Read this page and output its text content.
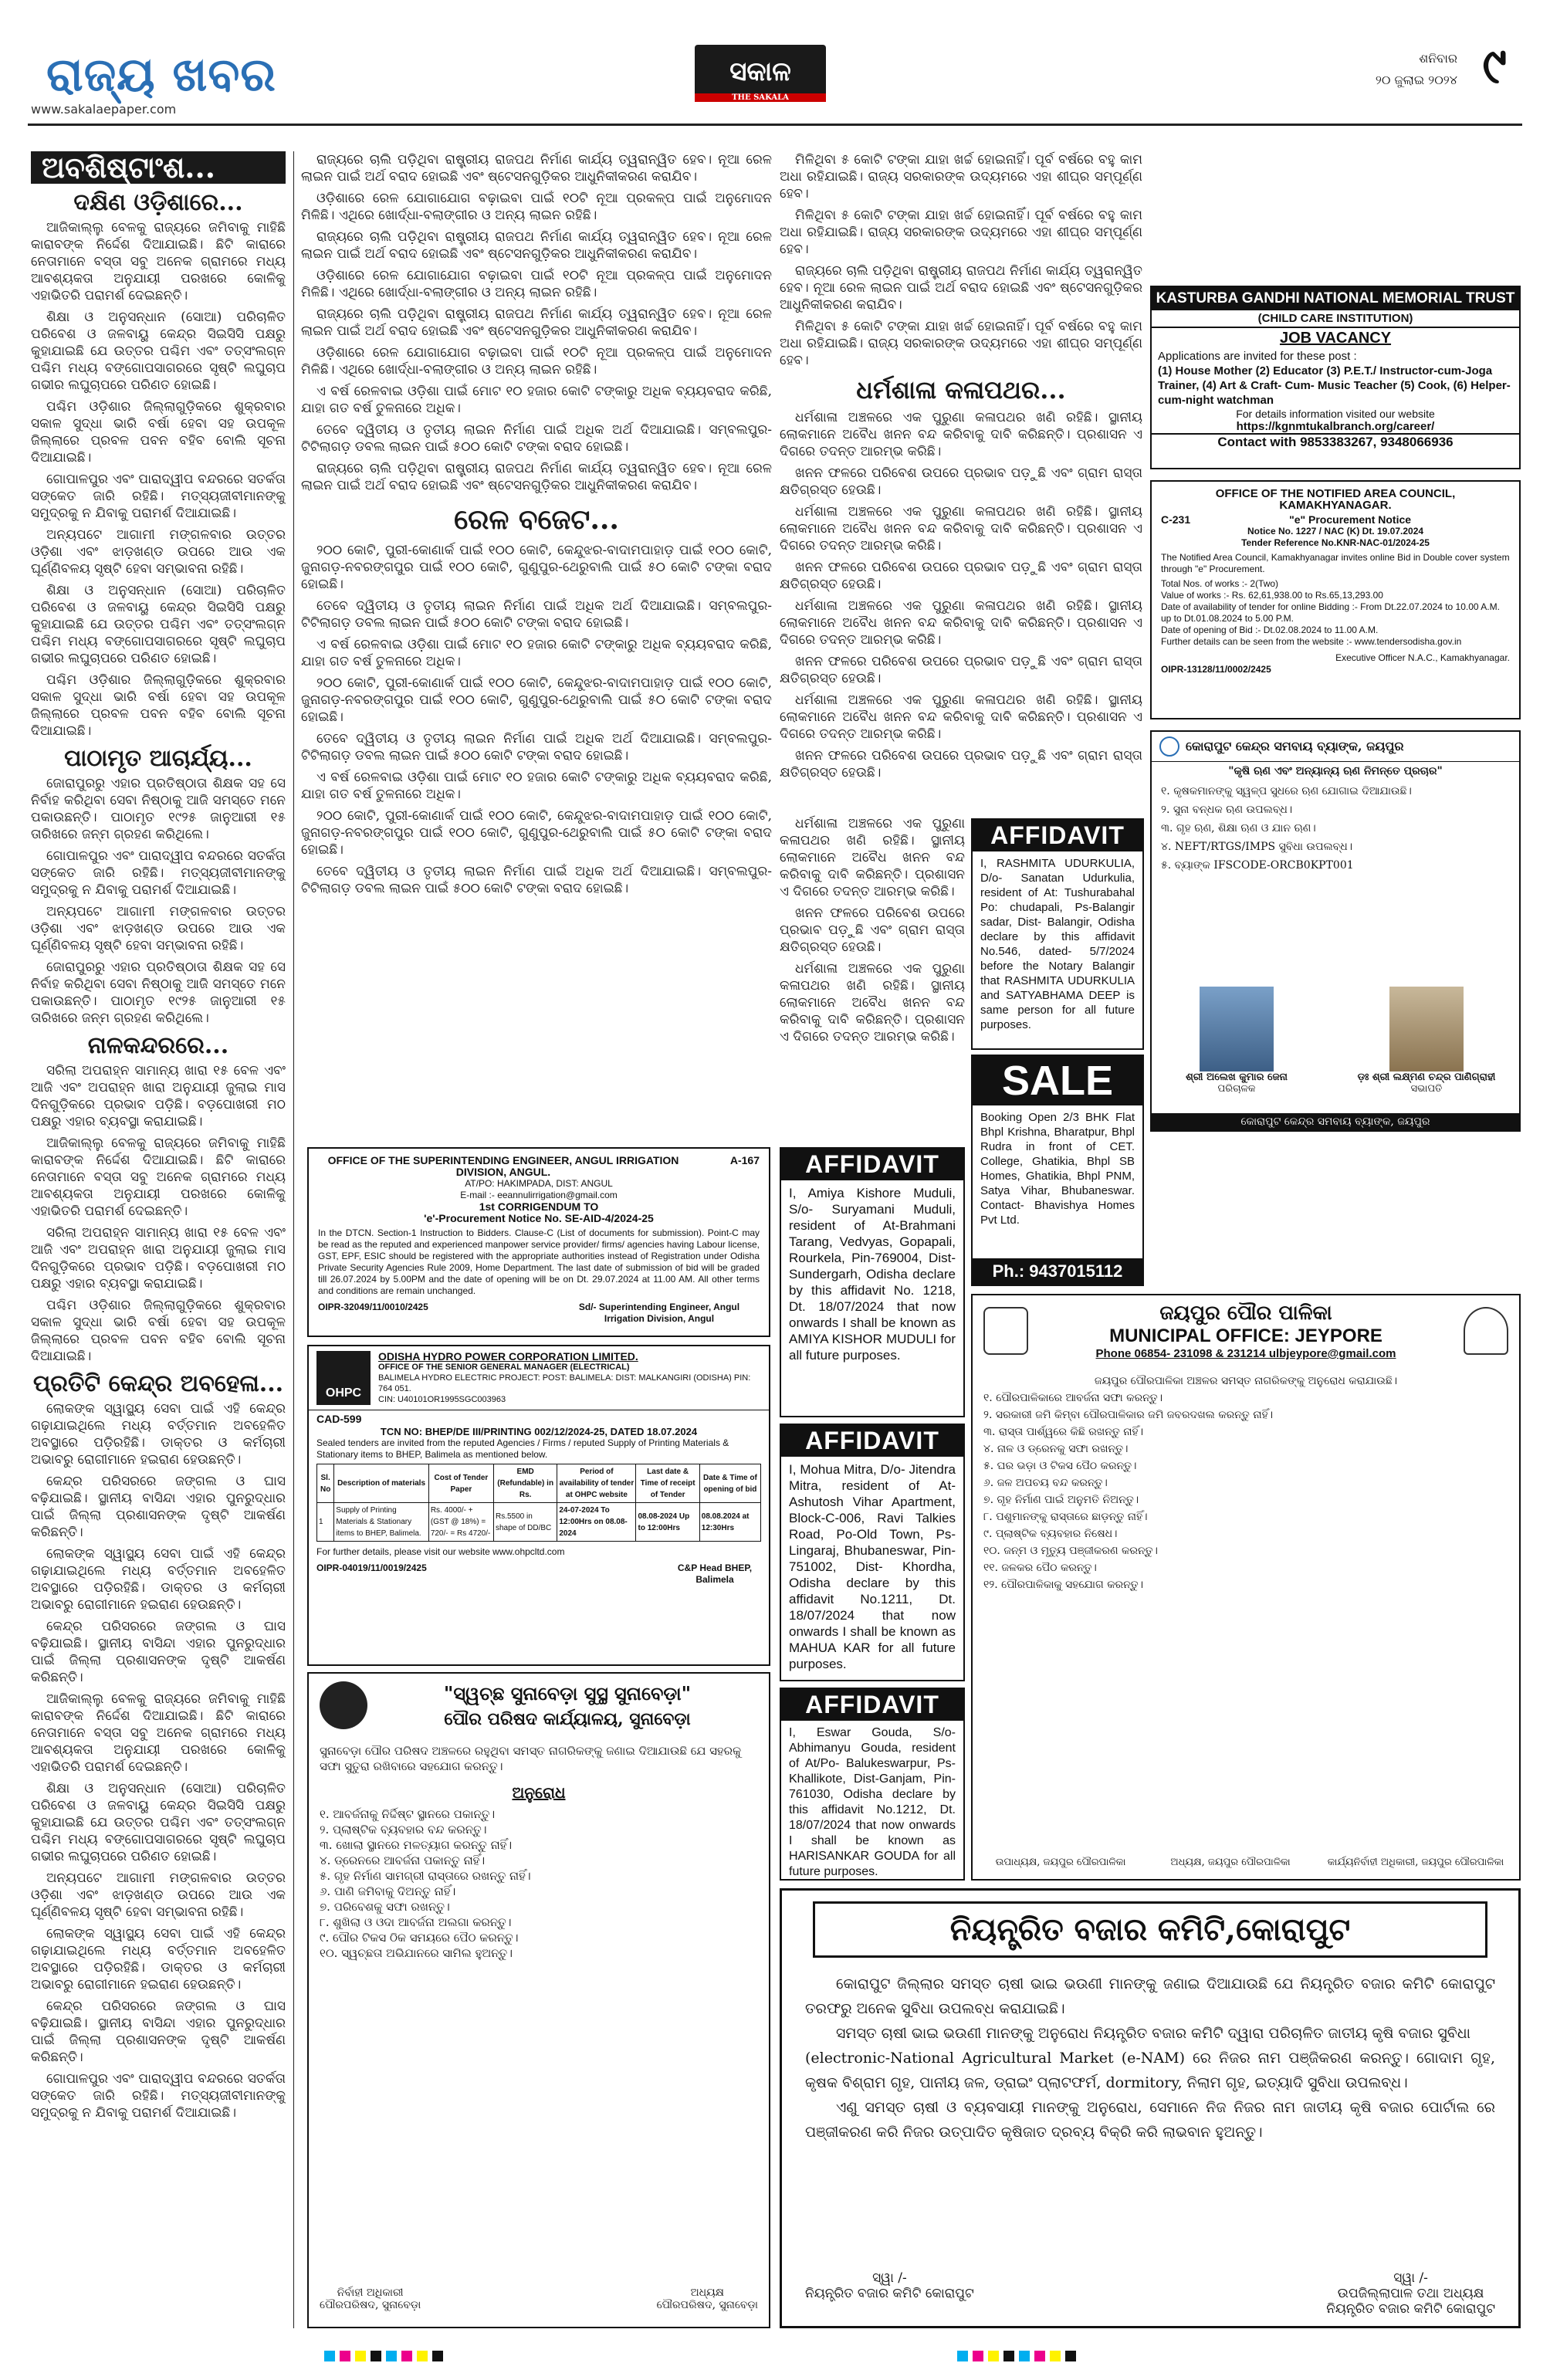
ରାଜ୍ୟ ଖବର
www.sakalaepaper.com
ସକାଳ
THE SAKALA
ଶନିବାର
୨୦ ଜୁଲାଇ ୨୦୨୪ ୯
ଅବଶିଷ୍ଟାଂଶ...
ଦକ୍ଷିଣ ଓଡ଼ିଶାରେ...

ଆଜିକାଲ୍ଲୁ ବେଳକୁ ରାଜ୍ୟରେ ଜମିବାକୁ ମାହିଛି କାରାବଙ୍କ ନିର୍ଦ୍ଦେଶ ଦିଆଯାଇଛି। ଛିଟି କାରାରେ ନେତାମାନେ ବସ୍ତା ସବୁ ଅନେକ ଗ୍ରାମରେ ମଧ୍ୟ ଆବଶ୍ୟକତା ଅନୁଯାୟୀ ପରଖରେ କୋଳିକୁ ଏହାଭିତରି ପରାମର୍ଶ ଦେଇଛନ୍ତି।

ଶିକ୍ଷା ଓ ଅନୁସନ୍ଧାନ (ସୋଆ) ପରିଚାଳିତ ପରିବେଶ ଓ ଜଳବାୟୁ କେନ୍ଦ୍ର ସିଇସିସି ପକ୍ଷରୁ କୁହାଯାଇଛି ଯେ ଉତ୍ତର ପଶ୍ଚିମ ଏବଂ ତତ୍ସଂଲଗ୍ନ ପଶ୍ଚିମ ମଧ୍ୟ ବଙ୍ଗୋପସାଗରରେ ସୃଷ୍ଟି ଲଘୁଚାପ ଗଭୀର ଲଘୁଚାପରେ ପରିଣତ ହୋଇଛି।

ପଶ୍ଚିମ ଓଡ଼ିଶାର ଜିଲ୍ଲାଗୁଡ଼ିକରେ ଶୁକ୍ରବାର ସକାଳ ସୁଦ୍ଧା ଭାରି ବର୍ଷା ହେବା ସହ ଉପକୂଳ ଜିଲ୍ଲାରେ ପ୍ରବଳ ପବନ ବହିବ ବୋଲି ସୂଚନା ଦିଆଯାଇଛି।

ଗୋପାଳପୁର ଏବଂ ପାରାଦ୍ୱୀପ ବନ୍ଦରରେ ସତର୍କତା ସଙ୍କେତ ଜାରି ରହିଛି। ମତ୍ସ୍ୟଜୀବୀମାନଙ୍କୁ ସମୁଦ୍ରକୁ ନ ଯିବାକୁ ପରାମର୍ଶ ଦିଆଯାଇଛି।

ଅନ୍ୟପଟେ ଆଗାମୀ ମଙ୍ଗଳବାର ଉତ୍ତର ଓଡ଼ିଶା ଏବଂ ଝାଡ଼ଖଣ୍ଡ ଉପରେ ଆଉ ଏକ ଘୂର୍ଣ୍ଣିବଳୟ ସୃଷ୍ଟି ହେବା ସମ୍ଭାବନା ରହିଛି।

ଶିକ୍ଷା ଓ ଅନୁସନ୍ଧାନ (ସୋଆ) ପରିଚାଳିତ ପରିବେଶ ଓ ଜଳବାୟୁ କେନ୍ଦ୍ର ସିଇସିସି ପକ୍ଷରୁ କୁହାଯାଇଛି ଯେ ଉତ୍ତର ପଶ୍ଚିମ ଏବଂ ତତ୍ସଂଲଗ୍ନ ପଶ୍ଚିମ ମଧ୍ୟ ବଙ୍ଗୋପସାଗରରେ ସୃଷ୍ଟି ଲଘୁଚାପ ଗଭୀର ଲଘୁଚାପରେ ପରିଣତ ହୋଇଛି।

ପଶ୍ଚିମ ଓଡ଼ିଶାର ଜିଲ୍ଲାଗୁଡ଼ିକରେ ଶୁକ୍ରବାର ସକାଳ ସୁଦ୍ଧା ଭାରି ବର୍ଷା ହେବା ସହ ଉପକୂଳ ଜିଲ୍ଲାରେ ପ୍ରବଳ ପବନ ବହିବ ବୋଲି ସୂଚନା ଦିଆଯାଇଛି।

ପାଠାମୃତ ଆଚାର୍ଯ୍ୟ...

ଜୋରାପୁରରୁ ଏହାର ପ୍ରତିଷ୍ଠାତା ଶିକ୍ଷକ ସହ ସେ ନିର୍ବାହ କରିଥିବା ସେବା ନିଷ୍ଠାକୁ ଆଜି ସମସ୍ତେ ମନେ ପକାଉଛନ୍ତି। ପାଠାମୃତ ୧୯୨୫ ଜାନୁଆରୀ ୧୫ ତାରିଖରେ ଜନ୍ମ ଗ୍ରହଣ କରିଥିଲେ।

ଗୋପାଳପୁର ଏବଂ ପାରାଦ୍ୱୀପ ବନ୍ଦରରେ ସତର୍କତା ସଙ୍କେତ ଜାରି ରହିଛି। ମତ୍ସ୍ୟଜୀବୀମାନଙ୍କୁ ସମୁଦ୍ରକୁ ନ ଯିବାକୁ ପରାମର୍ଶ ଦିଆଯାଇଛି।

ଅନ୍ୟପଟେ ଆଗାମୀ ମଙ୍ଗଳବାର ଉତ୍ତର ଓଡ଼ିଶା ଏବଂ ଝାଡ଼ଖଣ୍ଡ ଉପରେ ଆଉ ଏକ ଘୂର୍ଣ୍ଣିବଳୟ ସୃଷ୍ଟି ହେବା ସମ୍ଭାବନା ରହିଛି।

ଜୋରାପୁରରୁ ଏହାର ପ୍ରତିଷ୍ଠାତା ଶିକ୍ଷକ ସହ ସେ ନିର୍ବାହ କରିଥିବା ସେବା ନିଷ୍ଠାକୁ ଆଜି ସମସ୍ତେ ମନେ ପକାଉଛନ୍ତି। ପାଠାମୃତ ୧୯୨୫ ଜାନୁଆରୀ ୧୫ ତାରିଖରେ ଜନ୍ମ ଗ୍ରହଣ କରିଥିଲେ।

ନାଳକନ୍ଦରରେ...

ସରିଲା ଅପରାହ୍ନ ସାମାନ୍ୟ ଖାରା ୧୫ ବେଳ ଏବଂ ଆଜି ଏବଂ ଅପରାହ୍ନ ଖାରା ଅନୁଯାୟୀ ଜୁଲାଇ ମାସ ଦିନଗୁଡ଼ିକରେ ପ୍ରଭାବ ପଡ଼ିଛି। ବଡ଼ପୋଖରୀ ମଠ ପକ୍ଷରୁ ଏହାର ବ୍ୟବସ୍ଥା କରାଯାଇଛି।

ଆଜିକାଲ୍ଲୁ ବେଳକୁ ରାଜ୍ୟରେ ଜମିବାକୁ ମାହିଛି କାରାବଙ୍କ ନିର୍ଦ୍ଦେଶ ଦିଆଯାଇଛି। ଛିଟି କାରାରେ ନେତାମାନେ ବସ୍ତା ସବୁ ଅନେକ ଗ୍ରାମରେ ମଧ୍ୟ ଆବଶ୍ୟକତା ଅନୁଯାୟୀ ପରଖରେ କୋଳିକୁ ଏହାଭିତରି ପରାମର୍ଶ ଦେଇଛନ୍ତି।

ସରିଲା ଅପରାହ୍ନ ସାମାନ୍ୟ ଖାରା ୧୫ ବେଳ ଏବଂ ଆଜି ଏବଂ ଅପରାହ୍ନ ଖାରା ଅନୁଯାୟୀ ଜୁଲାଇ ମାସ ଦିନଗୁଡ଼ିକରେ ପ୍ରଭାବ ପଡ଼ିଛି। ବଡ଼ପୋଖରୀ ମଠ ପକ୍ଷରୁ ଏହାର ବ୍ୟବସ୍ଥା କରାଯାଇଛି।

ପଶ୍ଚିମ ଓଡ଼ିଶାର ଜିଲ୍ଲାଗୁଡ଼ିକରେ ଶୁକ୍ରବାର ସକାଳ ସୁଦ୍ଧା ଭାରି ବର୍ଷା ହେବା ସହ ଉପକୂଳ ଜିଲ୍ଲାରେ ପ୍ରବଳ ପବନ ବହିବ ବୋଲି ସୂଚନା ଦିଆଯାଇଛି।

ପ୍ରତିଟି କେନ୍ଦ୍ର ଅବହେଳା...

ଲୋକଙ୍କ ସ୍ୱାସ୍ଥ୍ୟ ସେବା ପାଇଁ ଏହି କେନ୍ଦ୍ର ଗଢ଼ାଯାଇଥିଲେ ମଧ୍ୟ ବର୍ତ୍ତମାନ ଅବହେଳିତ ଅବସ୍ଥାରେ ପଡ଼ିରହିଛି। ଡାକ୍ତର ଓ କର୍ମଚାରୀ ଅଭାବରୁ ରୋଗୀମାନେ ହଇରାଣ ହେଉଛନ୍ତି।

କେନ୍ଦ୍ର ପରିସରରେ ଜଙ୍ଗଲ ଓ ଘାସ ବଢ଼ିଯାଇଛି। ସ୍ଥାନୀୟ ବାସିନ୍ଦା ଏହାର ପୁନରୁଦ୍ଧାର ପାଇଁ ଜିଲ୍ଲା ପ୍ରଶାସନଙ୍କ ଦୃଷ୍ଟି ଆକର୍ଷଣ କରିଛନ୍ତି।

ଲୋକଙ୍କ ସ୍ୱାସ୍ଥ୍ୟ ସେବା ପାଇଁ ଏହି କେନ୍ଦ୍ର ଗଢ଼ାଯାଇଥିଲେ ମଧ୍ୟ ବର୍ତ୍ତମାନ ଅବହେଳିତ ଅବସ୍ଥାରେ ପଡ଼ିରହିଛି। ଡାକ୍ତର ଓ କର୍ମଚାରୀ ଅଭାବରୁ ରୋଗୀମାନେ ହଇରାଣ ହେଉଛନ୍ତି।

କେନ୍ଦ୍ର ପରିସରରେ ଜଙ୍ଗଲ ଓ ଘାସ ବଢ଼ିଯାଇଛି। ସ୍ଥାନୀୟ ବାସିନ୍ଦା ଏହାର ପୁନରୁଦ୍ଧାର ପାଇଁ ଜିଲ୍ଲା ପ୍ରଶାସନଙ୍କ ଦୃଷ୍ଟି ଆକର୍ଷଣ କରିଛନ୍ତି।

ଆଜିକାଲ୍ଲୁ ବେଳକୁ ରାଜ୍ୟରେ ଜମିବାକୁ ମାହିଛି କାରାବଙ୍କ ନିର୍ଦ୍ଦେଶ ଦିଆଯାଇଛି। ଛିଟି କାରାରେ ନେତାମାନେ ବସ୍ତା ସବୁ ଅନେକ ଗ୍ରାମରେ ମଧ୍ୟ ଆବଶ୍ୟକତା ଅନୁଯାୟୀ ପରଖରେ କୋଳିକୁ ଏହାଭିତରି ପରାମର୍ଶ ଦେଇଛନ୍ତି।

ଶିକ୍ଷା ଓ ଅନୁସନ୍ଧାନ (ସୋଆ) ପରିଚାଳିତ ପରିବେଶ ଓ ଜଳବାୟୁ କେନ୍ଦ୍ର ସିଇସିସି ପକ୍ଷରୁ କୁହାଯାଇଛି ଯେ ଉତ୍ତର ପଶ୍ଚିମ ଏବଂ ତତ୍ସଂଲଗ୍ନ ପଶ୍ଚିମ ମଧ୍ୟ ବଙ୍ଗୋପସାଗରରେ ସୃଷ୍ଟି ଲଘୁଚାପ ଗଭୀର ଲଘୁଚାପରେ ପରିଣତ ହୋଇଛି।

ଅନ୍ୟପଟେ ଆଗାମୀ ମଙ୍ଗଳବାର ଉତ୍ତର ଓଡ଼ିଶା ଏବଂ ଝାଡ଼ଖଣ୍ଡ ଉପରେ ଆଉ ଏକ ଘୂର୍ଣ୍ଣିବଳୟ ସୃଷ୍ଟି ହେବା ସମ୍ଭାବନା ରହିଛି।

ଲୋକଙ୍କ ସ୍ୱାସ୍ଥ୍ୟ ସେବା ପାଇଁ ଏହି କେନ୍ଦ୍ର ଗଢ଼ାଯାଇଥିଲେ ମଧ୍ୟ ବର୍ତ୍ତମାନ ଅବହେଳିତ ଅବସ୍ଥାରେ ପଡ଼ିରହିଛି। ଡାକ୍ତର ଓ କର୍ମଚାରୀ ଅଭାବରୁ ରୋଗୀମାନେ ହଇରାଣ ହେଉଛନ୍ତି।

କେନ୍ଦ୍ର ପରିସରରେ ଜଙ୍ଗଲ ଓ ଘାସ ବଢ଼ିଯାଇଛି। ସ୍ଥାନୀୟ ବାସିନ୍ଦା ଏହାର ପୁନରୁଦ୍ଧାର ପାଇଁ ଜିଲ୍ଲା ପ୍ରଶାସନଙ୍କ ଦୃଷ୍ଟି ଆକର୍ଷଣ କରିଛନ୍ତି।

ଗୋପାଳପୁର ଏବଂ ପାରାଦ୍ୱୀପ ବନ୍ଦରରେ ସତର୍କତା ସଙ୍କେତ ଜାରି ରହିଛି। ମତ୍ସ୍ୟଜୀବୀମାନଙ୍କୁ ସମୁଦ୍ରକୁ ନ ଯିବାକୁ ପରାମର୍ଶ ଦିଆଯାଇଛି।

ରାଜ୍ୟରେ ଚାଲି ପଡ଼ିଥିବା ରାଷ୍ଟ୍ରୀୟ ରାଜପଥ ନିର୍ମାଣ କାର୍ଯ୍ୟ ତ୍ୱରାନ୍ୱିତ ହେବ। ନୂଆ ରେଳ ଲାଇନ ପାଇଁ ଅର୍ଥ ବରାଦ ହୋଇଛି ଏବଂ ଷ୍ଟେସନଗୁଡ଼ିକର ଆଧୁନିକୀକରଣ କରାଯିବ।

ଓଡ଼ିଶାରେ ରେଳ ଯୋଗାଯୋଗ ବଢ଼ାଇବା ପାଇଁ ୧୦ଟି ନୂଆ ପ୍ରକଳ୍ପ ପାଇଁ ଅନୁମୋଦନ ମିଳିଛି। ଏଥିରେ ଖୋର୍ଦ୍ଧା-ବଲାଙ୍ଗୀର ଓ ଅନ୍ୟ ଲାଇନ ରହିଛି।

ରାଜ୍ୟରେ ଚାଲି ପଡ଼ିଥିବା ରାଷ୍ଟ୍ରୀୟ ରାଜପଥ ନିର୍ମାଣ କାର୍ଯ୍ୟ ତ୍ୱରାନ୍ୱିତ ହେବ। ନୂଆ ରେଳ ଲାଇନ ପାଇଁ ଅର୍ଥ ବରାଦ ହୋଇଛି ଏବଂ ଷ୍ଟେସନଗୁଡ଼ିକର ଆଧୁନିକୀକରଣ କରାଯିବ।

ଓଡ଼ିଶାରେ ରେଳ ଯୋଗାଯୋଗ ବଢ଼ାଇବା ପାଇଁ ୧୦ଟି ନୂଆ ପ୍ରକଳ୍ପ ପାଇଁ ଅନୁମୋଦନ ମିଳିଛି। ଏଥିରେ ଖୋର୍ଦ୍ଧା-ବଲାଙ୍ଗୀର ଓ ଅନ୍ୟ ଲାଇନ ରହିଛି।

ରାଜ୍ୟରେ ଚାଲି ପଡ଼ିଥିବା ରାଷ୍ଟ୍ରୀୟ ରାଜପଥ ନିର୍ମାଣ କାର୍ଯ୍ୟ ତ୍ୱରାନ୍ୱିତ ହେବ। ନୂଆ ରେଳ ଲାଇନ ପାଇଁ ଅର୍ଥ ବରାଦ ହୋଇଛି ଏବଂ ଷ୍ଟେସନଗୁଡ଼ିକର ଆଧୁନିକୀକରଣ କରାଯିବ।

ଓଡ଼ିଶାରେ ରେଳ ଯୋଗାଯୋଗ ବଢ଼ାଇବା ପାଇଁ ୧୦ଟି ନୂଆ ପ୍ରକଳ୍ପ ପାଇଁ ଅନୁମୋଦନ ମିଳିଛି। ଏଥିରେ ଖୋର୍ଦ୍ଧା-ବଲାଙ୍ଗୀର ଓ ଅନ୍ୟ ଲାଇନ ରହିଛି।

ଏ ବର୍ଷ ରେଳବାଇ ଓଡ଼ିଶା ପାଇଁ ମୋଟ ୧୦ ହଜାର କୋଟି ଟଙ୍କାରୁ ଅଧିକ ବ୍ୟୟବରାଦ କରିଛି, ଯାହା ଗତ ବର୍ଷ ତୁଳନାରେ ଅଧିକ।

ତେବେ ଦ୍ୱିତୀୟ ଓ ତୃତୀୟ ଲାଇନ ନିର୍ମାଣ ପାଇଁ ଅଧିକ ଅର୍ଥ ଦିଆଯାଇଛି। ସମ୍ବଲପୁର-ଟିଟିଲାଗଡ଼ ଡବଲ ଲାଇନ ପାଇଁ ୫୦୦ କୋଟି ଟଙ୍କା ବରାଦ ହୋଇଛି।

ରାଜ୍ୟରେ ଚାଲି ପଡ଼ିଥିବା ରାଷ୍ଟ୍ରୀୟ ରାଜପଥ ନିର୍ମାଣ କାର୍ଯ୍ୟ ତ୍ୱରାନ୍ୱିତ ହେବ। ନୂଆ ରେଳ ଲାଇନ ପାଇଁ ଅର୍ଥ ବରାଦ ହୋଇଛି ଏବଂ ଷ୍ଟେସନଗୁଡ଼ିକର ଆଧୁନିକୀକରଣ କରାଯିବ।

ରେଳ ବଜେଟ...

୨୦୦ କୋଟି, ପୁରୀ-କୋଣାର୍କ ପାଇଁ ୧୦୦ କୋଟି, କେନ୍ଦୁଝର-ବାଦାମପାହାଡ଼ ପାଇଁ ୧୦୦ କୋଟି, ଜୁନାଗଡ଼-ନବରଙ୍ଗପୁର ପାଇଁ ୧୦୦ କୋଟି, ଗୁଣୁପୁର-ଥେରୁବାଲି ପାଇଁ ୫୦ କୋଟି ଟଙ୍କା ବରାଦ ହୋଇଛି।

ତେବେ ଦ୍ୱିତୀୟ ଓ ତୃତୀୟ ଲାଇନ ନିର୍ମାଣ ପାଇଁ ଅଧିକ ଅର୍ଥ ଦିଆଯାଇଛି। ସମ୍ବଲପୁର-ଟିଟିଲାଗଡ଼ ଡବଲ ଲାଇନ ପାଇଁ ୫୦୦ କୋଟି ଟଙ୍କା ବରାଦ ହୋଇଛି।

ଏ ବର୍ଷ ରେଳବାଇ ଓଡ଼ିଶା ପାଇଁ ମୋଟ ୧୦ ହଜାର କୋଟି ଟଙ୍କାରୁ ଅଧିକ ବ୍ୟୟବରାଦ କରିଛି, ଯାହା ଗତ ବର୍ଷ ତୁଳନାରେ ଅଧିକ।

୨୦୦ କୋଟି, ପୁରୀ-କୋଣାର୍କ ପାଇଁ ୧୦୦ କୋଟି, କେନ୍ଦୁଝର-ବାଦାମପାହାଡ଼ ପାଇଁ ୧୦୦ କୋଟି, ଜୁନାଗଡ଼-ନବରଙ୍ଗପୁର ପାଇଁ ୧୦୦ କୋଟି, ଗୁଣୁପୁର-ଥେରୁବାଲି ପାଇଁ ୫୦ କୋଟି ଟଙ୍କା ବରାଦ ହୋଇଛି।

ତେବେ ଦ୍ୱିତୀୟ ଓ ତୃତୀୟ ଲାଇନ ନିର୍ମାଣ ପାଇଁ ଅଧିକ ଅର୍ଥ ଦିଆଯାଇଛି। ସମ୍ବଲପୁର-ଟିଟିଲାଗଡ଼ ଡବଲ ଲାଇନ ପାଇଁ ୫୦୦ କୋଟି ଟଙ୍କା ବରାଦ ହୋଇଛି।

ଏ ବର୍ଷ ରେଳବାଇ ଓଡ଼ିଶା ପାଇଁ ମୋଟ ୧୦ ହଜାର କୋଟି ଟଙ୍କାରୁ ଅଧିକ ବ୍ୟୟବରାଦ କରିଛି, ଯାହା ଗତ ବର୍ଷ ତୁଳନାରେ ଅଧିକ।

୨୦୦ କୋଟି, ପୁରୀ-କୋଣାର୍କ ପାଇଁ ୧୦୦ କୋଟି, କେନ୍ଦୁଝର-ବାଦାମପାହାଡ଼ ପାଇଁ ୧୦୦ କୋଟି, ଜୁନାଗଡ଼-ନବରଙ୍ଗପୁର ପାଇଁ ୧୦୦ କୋଟି, ଗୁଣୁପୁର-ଥେରୁବାଲି ପାଇଁ ୫୦ କୋଟି ଟଙ୍କା ବରାଦ ହୋଇଛି।

ତେବେ ଦ୍ୱିତୀୟ ଓ ତୃତୀୟ ଲାଇନ ନିର୍ମାଣ ପାଇଁ ଅଧିକ ଅର୍ଥ ଦିଆଯାଇଛି। ସମ୍ବଲପୁର-ଟିଟିଲାଗଡ଼ ଡବଲ ଲାଇନ ପାଇଁ ୫୦୦ କୋଟି ଟଙ୍କା ବରାଦ ହୋଇଛି।

ମିଳିଥିବା ୫ କୋଟି ଟଙ୍କା ଯାହା ଖର୍ଚ୍ଚ ହୋଇନାହିଁ। ପୂର୍ବ ବର୍ଷରେ ବହୁ କାମ ଅଧା ରହିଯାଇଛି। ରାଜ୍ୟ ସରକାରଙ୍କ ଉଦ୍ୟମରେ ଏହା ଶୀଘ୍ର ସମ୍ପୂର୍ଣ୍ଣ ହେବ।

ମିଳିଥିବା ୫ କୋଟି ଟଙ୍କା ଯାହା ଖର୍ଚ୍ଚ ହୋଇନାହିଁ। ପୂର୍ବ ବର୍ଷରେ ବହୁ କାମ ଅଧା ରହିଯାଇଛି। ରାଜ୍ୟ ସରକାରଙ୍କ ଉଦ୍ୟମରେ ଏହା ଶୀଘ୍ର ସମ୍ପୂର୍ଣ୍ଣ ହେବ।

ରାଜ୍ୟରେ ଚାଲି ପଡ଼ିଥିବା ରାଷ୍ଟ୍ରୀୟ ରାଜପଥ ନିର୍ମାଣ କାର୍ଯ୍ୟ ତ୍ୱରାନ୍ୱିତ ହେବ। ନୂଆ ରେଳ ଲାଇନ ପାଇଁ ଅର୍ଥ ବରାଦ ହୋଇଛି ଏବଂ ଷ୍ଟେସନଗୁଡ଼ିକର ଆଧୁନିକୀକରଣ କରାଯିବ।

ମିଳିଥିବା ୫ କୋଟି ଟଙ୍କା ଯାହା ଖର୍ଚ୍ଚ ହୋଇନାହିଁ। ପୂର୍ବ ବର୍ଷରେ ବହୁ କାମ ଅଧା ରହିଯାଇଛି। ରାଜ୍ୟ ସରକାରଙ୍କ ଉଦ୍ୟମରେ ଏହା ଶୀଘ୍ର ସମ୍ପୂର୍ଣ୍ଣ ହେବ।

ଧର୍ମଶାଳା କଳାପଥର...

ଧର୍ମଶାଳା ଅଞ୍ଚଳରେ ଏକ ପୁରୁଣା କଳାପଥର ଖଣି ରହିଛି। ସ୍ଥାନୀୟ ଲୋକମାନେ ଅବୈଧ ଖନନ ବନ୍ଦ କରିବାକୁ ଦାବି କରିଛନ୍ତି। ପ୍ରଶାସନ ଏ ଦିଗରେ ତଦନ୍ତ ଆରମ୍ଭ କରିଛି।

ଖନନ ଫଳରେ ପରିବେଶ ଉପରେ ପ୍ରଭାବ ପଡ଼ୁଛି ଏବଂ ଗ୍ରାମ ରାସ୍ତା କ୍ଷତିଗ୍ରସ୍ତ ହେଉଛି।

ଧର୍ମଶାଳା ଅଞ୍ଚଳରେ ଏକ ପୁରୁଣା କଳାପଥର ଖଣି ରହିଛି। ସ୍ଥାନୀୟ ଲୋକମାନେ ଅବୈଧ ଖନନ ବନ୍ଦ କରିବାକୁ ଦାବି କରିଛନ୍ତି। ପ୍ରଶାସନ ଏ ଦିଗରେ ତଦନ୍ତ ଆରମ୍ଭ କରିଛି।

ଖନନ ଫଳରେ ପରିବେଶ ଉପରେ ପ୍ରଭାବ ପଡ଼ୁଛି ଏବଂ ଗ୍ରାମ ରାସ୍ତା କ୍ଷତିଗ୍ରସ୍ତ ହେଉଛି।

ଧର୍ମଶାଳା ଅଞ୍ଚଳରେ ଏକ ପୁରୁଣା କଳାପଥର ଖଣି ରହିଛି। ସ୍ଥାନୀୟ ଲୋକମାନେ ଅବୈଧ ଖନନ ବନ୍ଦ କରିବାକୁ ଦାବି କରିଛନ୍ତି। ପ୍ରଶାସନ ଏ ଦିଗରେ ତଦନ୍ତ ଆରମ୍ଭ କରିଛି।

ଖନନ ଫଳରେ ପରିବେଶ ଉପରେ ପ୍ରଭାବ ପଡ଼ୁଛି ଏବଂ ଗ୍ରାମ ରାସ୍ତା କ୍ଷତିଗ୍ରସ୍ତ ହେଉଛି।

ଧର୍ମଶାଳା ଅଞ୍ଚଳରେ ଏକ ପୁରୁଣା କଳାପଥର ଖଣି ରହିଛି। ସ୍ଥାନୀୟ ଲୋକମାନେ ଅବୈଧ ଖନନ ବନ୍ଦ କରିବାକୁ ଦାବି କରିଛନ୍ତି। ପ୍ରଶାସନ ଏ ଦିଗରେ ତଦନ୍ତ ଆରମ୍ଭ କରିଛି।

ଖନନ ଫଳରେ ପରିବେଶ ଉପରେ ପ୍ରଭାବ ପଡ଼ୁଛି ଏବଂ ଗ୍ରାମ ରାସ୍ତା କ୍ଷତିଗ୍ରସ୍ତ ହେଉଛି।

ଧର୍ମଶାଳା ଅଞ୍ଚଳରେ ଏକ ପୁରୁଣା କଳାପଥର ଖଣି ରହିଛି। ସ୍ଥାନୀୟ ଲୋକମାନେ ଅବୈଧ ଖନନ ବନ୍ଦ କରିବାକୁ ଦାବି କରିଛନ୍ତି। ପ୍ରଶାସନ ଏ ଦିଗରେ ତଦନ୍ତ ଆରମ୍ଭ କରିଛି।

ଖନନ ଫଳରେ ପରିବେଶ ଉପରେ ପ୍ରଭାବ ପଡ଼ୁଛି ଏବଂ ଗ୍ରାମ ରାସ୍ତା କ୍ଷତିଗ୍ରସ୍ତ ହେଉଛି।

ଧର୍ମଶାଳା ଅଞ୍ଚଳରେ ଏକ ପୁରୁଣା କଳାପଥର ଖଣି ରହିଛି। ସ୍ଥାନୀୟ ଲୋକମାନେ ଅବୈଧ ଖନନ ବନ୍ଦ କରିବାକୁ ଦାବି କରିଛନ୍ତି। ପ୍ରଶାସନ ଏ ଦିଗରେ ତଦନ୍ତ ଆରମ୍ଭ କରିଛି।

KASTURBA GANDHI NATIONAL MEMORIAL TRUST
(CHILD CARE INSTITUTION)
JOB VACANCY
Applications are invited for these post :
(1) House Mother (2) Educator (3) P.E.T./ Instructor-cum-Joga Trainer, (4) Art & Craft- Cum- Music Teacher (5) Cook, (6) Helper-cum-night watchman
For details information visited our website
https://kgnmtukalbranch.org/career/
Contact with 9853383267, 9348066936
OFFICE OF THE NOTIFIED AREA COUNCIL, KAMAKHYANAGAR.
C-231	"e" Procurement Notice
Notice No. 1227 / NAC (K) Dt. 19.07.2024
Tender Reference No.KNR-NAC-01/2024-25
The Notified Area Council, Kamakhyanagar invites online Bid in Double cover system through "e" Procurement.
Total Nos. of works :- 2(Two)
Value of works :- Rs. 62,61,938.00 to Rs.65,13,293.00
Date of availability of tender for online Bidding :- From Dt.22.07.2024 to 10.00 A.M. up to Dt.01.08.2024 to 5.00 P.M.
Date of opening of Bid :- Dt.02.08.2024 to 11.00 A.M.
Further details can be seen from the website :- www.tendersodisha.gov.in
Executive Officer N.A.C., Kamakhyanagar.
OIPR-13128/11/0002/2425
କୋରାପୁଟ କେନ୍ଦ୍ର ସମବାୟ ବ୍ୟାଙ୍କ, ଜୟପୁର
"କୃଷି ଋଣ ଏବଂ ଅନ୍ୟାନ୍ୟ ଋଣ ନିମନ୍ତେ ପ୍ରଚାର"
୧. କୃଷକମାନଙ୍କୁ ସ୍ୱଳ୍ପ ସୁଧରେ ଋଣ ଯୋଗାଇ ଦିଆଯାଉଛି।
୨. ସୁନା ବନ୍ଧକ ଋଣ ଉପଲବ୍ଧ।
୩. ଗୃହ ଋଣ, ଶିକ୍ଷା ଋଣ ଓ ଯାନ ଋଣ।
୪. NEFT/RTGS/IMPS ସୁବିଧା ଉପଲବ୍ଧ।
୫. ବ୍ୟାଙ୍କ IFSCODE-ORCB0KPT001
ଶ୍ରୀ ଅଲେଖ କୁମାର ଜେନା
ପରିଚାଳକ
ଡ଼ଃ ଶ୍ରୀ ଲକ୍ଷ୍ମଣ ଚନ୍ଦ୍ର ପାଣିଗ୍ରାହୀ
ସଭାପତି
କୋରାପୁଟ କେନ୍ଦ୍ର ସମବାୟ ବ୍ୟାଙ୍କ, ଜୟପୁର
AFFIDAVIT
I, RASHMITA UDURKULIA, D/o- Sanatan Udurkulia, resident of At: Tushurabahal Po: chudapali, Ps-Balangir sadar, Dist- Balangir, Odisha declare by this affidavit No.546, dated- 5/7/2024 before the Notary Balangir that RASHMITA UDURKULIA and SATYABHAMA DEEP is same person for all future purposes.
AFFIDAVIT
I, Amiya Kishore Muduli, S/o- Suryamani Muduli, resident of At-Brahmani Tarang, Vedvyas, Gopapali, Rourkela, Pin-769004, Dist-Sundergarh, Odisha declare by this affidavit No. 1218, Dt. 18/07/2024 that now onwards I shall be known as AMIYA KISHOR MUDULI for all future purposes.
SALE
Booking Open 2/3 BHK Flat Bhpl Krishna, Bharatpur, Bhpl Rudra in front of CET. College, Ghatikia, Bhpl SB Homes, Ghatikia, Bhpl PNM, Satya Vihar, Bhubaneswar. Contact- Bhavishya Homes Pvt Ltd.
Ph.: 9437015112
AFFIDAVIT
I, Mohua Mitra, D/o- Jitendra Mitra, resident of At- Ashutosh Vihar Apartment, Block-C-006, Ravi Talkies Road, Po-Old Town, Ps- Lingaraj, Bhubaneswar, Pin-751002, Dist- Khordha, Odisha declare by this affidavit No.1211, Dt. 18/07/2024 that now onwards I shall be known as MAHUA KAR for all future purposes.
AFFIDAVIT
I, Eswar Gouda, S/o- Abhimanyu Gouda, resident of At/Po- Balukeswarpur, Ps-Khallikote, Dist-Ganjam, Pin-761030, Odisha declare by this affidavit No.1212, Dt. 18/07/2024 that now onwards I shall be known as HARISANKAR GOUDA for all future purposes.
OFFICE OF THE SUPERINTENDING ENGINEER, ANGUL IRRIGATION DIVISION, ANGUL.
A-167
AT/PO: HAKIMPADA, DIST: ANGUL
E-mail :- eeannulirrigation@gmail.com
1st CORRIGENDUM TO
'e'-Procurement Notice No. SE-AID-4/2024-25
In the DTCN. Section-1 Instruction to Bidders. Clause-C (List of documents for submission). Point-C may be read as the reputed and experienced manpower service provider/ firms/ agencies having Labour license, GST, EPF, ESIC should be registered with the appropriate authorities instead of Registration under Odisha Private Security Agencies Rule 2009, Home Department. The last date of submission of bid will be graded till 26.07.2024 by 5.00PM and the date of opening will be on Dt. 29.07.2024 at 11.00 AM. All other terms and conditions are remain unchanged.
OIPR-32049/11/0010/2425	Sd/- Superintending Engineer, Angul Irrigation Division, Angul
OHPC
ODISHA HYDRO POWER CORPORATION LIMITED.
OFFICE OF THE SENIOR GENERAL MANAGER (ELECTRICAL)
BALIMELA HYDRO ELECTRIC PROJECT: POST: BALIMELA: DIST: MALKANGIRI (ODISHA) PIN: 764 051.
CIN: U40101OR1995SGC003963
CAD-599
TCN NO: BHEP/DE III/PRINTING 002/12/2024-25, DATED 18.07.2024
Sealed tenders are invited from the reputed Agencies / Firms / reputed Supply of Printing Materials & Stationary items to BHEP, Balimela as mentioned below.
Sl. No	Description of materials	Cost of Tender Paper	EMD (Refundable) in Rs.	Period of availability of tender at OHPC website	Last date & Time of receipt of Tender	Date & Time of opening of bid
1	Supply of Printing Materials & Stationary items to BHEP, Balimela.	Rs. 4000/- + (GST @ 18%) = 720/- = Rs 4720/-	Rs.5500 in shape of DD/BC	24-07-2024 To 12:00Hrs on 08.08-2024	08.08-2024 Up to 12:00Hrs	08.08.2024 at 12:30Hrs
For further details, please visit our website www.ohpcltd.com
OIPR-04019/11/0019/2425	C&P Head BHEP, Balimela
"ସ୍ୱଚ୍ଛ ସୁନାବେଡ଼ା ସୁସ୍ଥ ସୁନାବେଡ଼ା"
ପୌର ପରିଷଦ କାର୍ଯ୍ୟାଳୟ, ସୁନାବେଡ଼ା
ସୁନାବେଡ଼ା ପୌର ପରିଷଦ ଅଞ୍ଚଳରେ ରହୁଥିବା ସମସ୍ତ ନାଗରିକଙ୍କୁ ଜଣାଇ ଦିଆଯାଉଛି ଯେ ସହରକୁ ସଫା ସୁତୁରା ରଖିବାରେ ସହଯୋଗ କରନ୍ତୁ।
ଅନୁରୋଧ
୧. ଆବର୍ଜନାକୁ ନିର୍ଦ୍ଦିଷ୍ଟ ସ୍ଥାନରେ ପକାନ୍ତୁ।
୨. ପ୍ଲାଷ୍ଟିକ ବ୍ୟବହାର ବନ୍ଦ କରନ୍ତୁ।
୩. ଖୋଲା ସ୍ଥାନରେ ମଳତ୍ୟାଗ କରନ୍ତୁ ନାହିଁ।
୪. ଡ୍ରେନରେ ଆବର୍ଜନା ପକାନ୍ତୁ ନାହିଁ।
୫. ଗୃହ ନିର୍ମାଣ ସାମଗ୍ରୀ ରାସ୍ତାରେ ରଖନ୍ତୁ ନାହିଁ।
୬. ପାଣି ଜମିବାକୁ ଦିଅନ୍ତୁ ନାହିଁ।
୭. ପରିବେଶକୁ ସଫା ରଖନ୍ତୁ।
୮. ଶୁଖିଲା ଓ ଓଦା ଆବର୍ଜନା ଅଲଗା କରନ୍ତୁ।
୯. ପୌର ଟିକସ ଠିକ ସମୟରେ ପୈଠ କରନ୍ତୁ।
୧୦. ସ୍ୱଚ୍ଛତା ଅଭିଯାନରେ ସାମିଲ ହୁଅନ୍ତୁ।
ନିର୍ବାହୀ ଅଧିକାରୀ
ପୌରପରିଷଦ, ସୁନାବେଡ଼ା
ଅଧ୍ୟକ୍ଷ
ପୌରପରିଷଦ, ସୁନାବେଡ଼ା
ଜୟପୁର ପୌର ପାଳିକା
MUNICIPAL OFFICE: JEYPORE
Phone 06854- 231098 & 231214 ulbjeypore@gmail.com
ଜୟପୁର ପୌରପାଳିକା ଅଞ୍ଚଳର ସମସ୍ତ ନାଗରିକଙ୍କୁ ଅନୁରୋଧ କରାଯାଉଛି।
୧. ପୌରପାଳିକାରେ ଆବର୍ଜନା ସଫା କରନ୍ତୁ।
୨. ସରକାରୀ ଜମି କିମ୍ବା ପୌରପାଳିକାର ଜମି ଜବରଦଖଲ କରନ୍ତୁ ନାହିଁ।
୩. ରାସ୍ତା ପାର୍ଶ୍ୱରେ କିଛି ରଖନ୍ତୁ ନାହିଁ।
୪. ନାଳ ଓ ଡ୍ରେନକୁ ସଫା ରଖନ୍ତୁ।
୫. ଘର ଭଡ଼ା ଓ ଟିକସ ପୈଠ କରନ୍ତୁ।
୬. ଜଳ ଅପଚୟ ବନ୍ଦ କରନ୍ତୁ।
୭. ଗୃହ ନିର୍ମାଣ ପାଇଁ ଅନୁମତି ନିଅନ୍ତୁ।
୮. ପଶୁମାନଙ୍କୁ ରାସ୍ତାରେ ଛାଡ଼ନ୍ତୁ ନାହିଁ।
୯. ପ୍ଲାଷ୍ଟିକ ବ୍ୟବହାର ନିଷେଧ।
୧୦. ଜନ୍ମ ଓ ମୃତ୍ୟୁ ପଞ୍ଜୀକରଣ କରନ୍ତୁ।
୧୧. ଜଳକର ପୈଠ କରନ୍ତୁ।
୧୨. ପୌରପାଳିକାକୁ ସହଯୋଗ କରନ୍ତୁ।
ଉପାଧ୍ୟକ୍ଷ, ଜୟପୁର ପୌରପାଳିକା	ଅଧ୍ୟକ୍ଷ, ଜୟପୁର ପୌରପାଳିକା	କାର୍ଯ୍ୟନିର୍ବାହୀ ଅଧିକାରୀ, ଜୟପୁର ପୌରପାଳିକା
ନିୟନ୍ତ୍ରିତ ବଜାର କମିଟି,କୋରାପୁଟ

କୋରାପୁଟ ଜିଲ୍ଲାର ସମସ୍ତ ଚାଷୀ ଭାଇ ଭଉଣୀ ମାନଙ୍କୁ ଜଣାଇ ଦିଆଯାଉଛି ଯେ ନିୟନ୍ତ୍ରିତ ବଜାର କମିଟି କୋରାପୁଟ ତରଫରୁ ଅନେକ ସୁବିଧା ଉପଲବ୍ଧ କରାଯାଇଛି।

ସମସ୍ତ ଚାଷୀ ଭାଇ ଭଉଣୀ ମାନଙ୍କୁ ଅନୁରୋଧ ନିୟନ୍ତ୍ରିତ ବଜାର କମିଟି ଦ୍ୱାରା ପରିଚାଳିତ ଜାତୀୟ କୃଷି ବଜାର ସୁବିଧା

(electronic-National Agricultural Market (e-NAM) ରେ ନିଜର ନାମ ପଞ୍ଜିକରଣ କରନ୍ତୁ। ଗୋଦାମ ଗୃହ, କୃଷକ ବିଶ୍ରାମ ଗୃହ, ପାନୀୟ ଜଳ, ଡ୍ରାଇଂ ପ୍ଲାଟଫର୍ମ, dormitory, ନିଲାମ ଗୃହ, ଇତ୍ୟାଦି ସୁବିଧା ଉପଲବ୍ଧ।

ଏଣୁ ସମସ୍ତ ଚାଷୀ ଓ ବ୍ୟବସାୟୀ ମାନଙ୍କୁ ଅନୁରୋଧ, ସେମାନେ ନିଜ ନିଜର ନାମ ଜାତୀୟ କୃଷି ବଜାର ପୋର୍ଟାଲ ରେ ପଞ୍ଜୀକରଣ କରି ନିଜର ଉତ୍ପାଦିତ କୃଷିଜାତ ଦ୍ରବ୍ୟ ବିକ୍ରି କରି ଲାଭବାନ ହୁଅନ୍ତୁ।

ସ୍ୱା /-
ନିୟନ୍ତ୍ରିତ ବଜାର କମିଟି କୋରାପୁଟ
ସ୍ୱା /-
ଉପଜିଲ୍ଲାପାଳ ତଥା ଅଧ୍ୟକ୍ଷ
ନିୟନ୍ତ୍ରିତ ବଜାର କମିଟି କୋରାପୁଟ
